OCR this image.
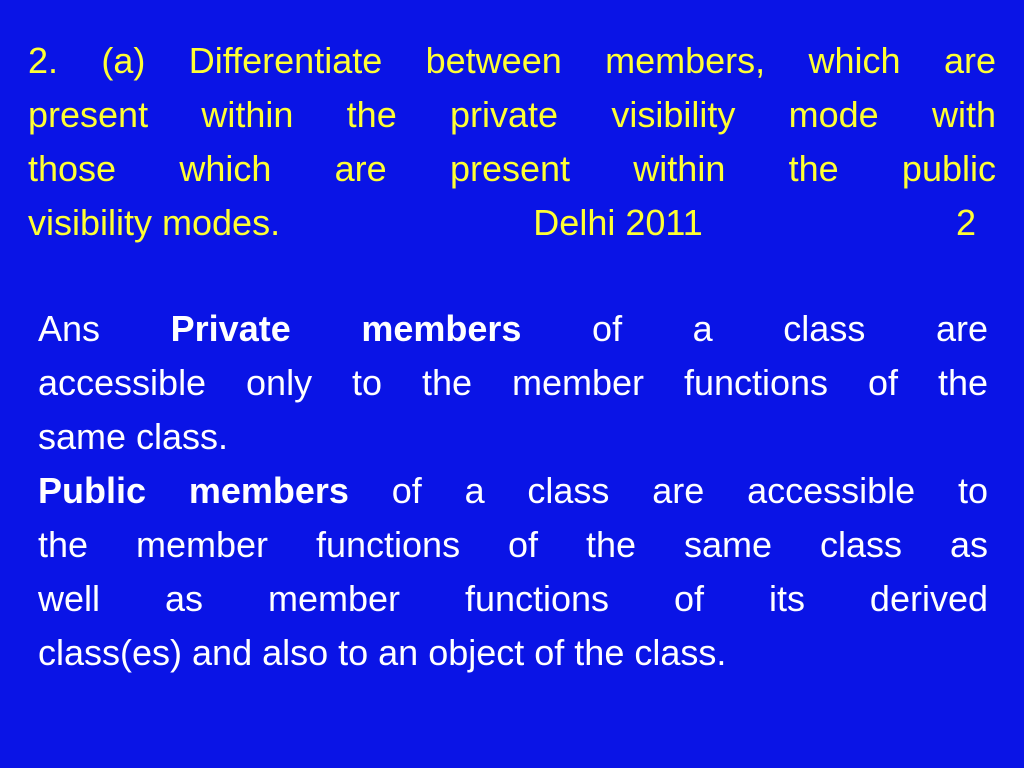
2. (a) Differentiate between members, which are
present within the private visibility mode with
those which are present within the public
visibility modes.	Delhi 2011	2
Ans Private members of a class are
accessible only to the member functions of the
same class.
Public members of a class are accessible to
the member functions of the same class as
well as member functions of its derived
class(es) and also to an object of the class.
